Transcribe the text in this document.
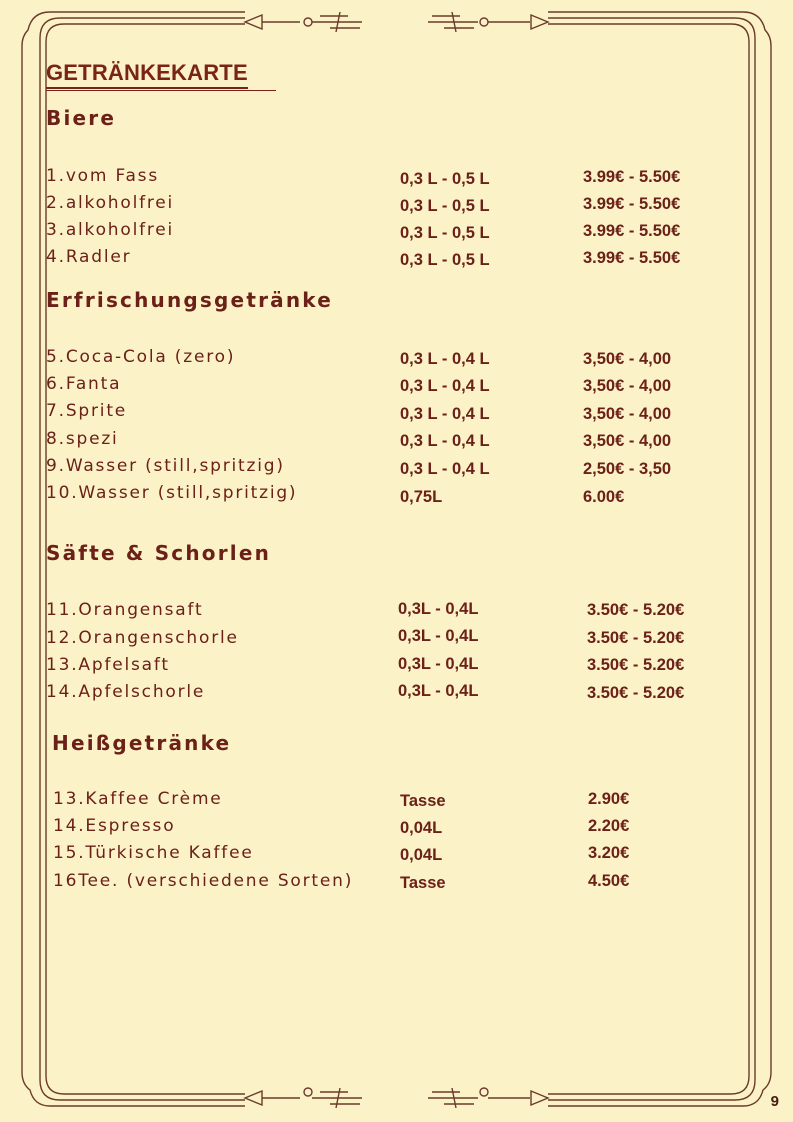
GETRÄNKEKARTE
Biere
1.vom Fass	0,3 L - 0,5 L	3.99€ - 5.50€
2.alkoholfrei	0,3 L - 0,5 L	3.99€ - 5.50€
3.alkoholfrei	0,3 L - 0,5 L	3.99€ - 5.50€
4.Radler	0,3 L - 0,5 L	3.99€ - 5.50€
Erfrischungsgetränke
5.Coca-Cola (zero)	0,3 L - 0,4 L	3,50€ - 4,00
6.Fanta	0,3 L - 0,4 L	3,50€ - 4,00
7.Sprite	0,3 L - 0,4 L	3,50€ - 4,00
8.spezi	0,3 L - 0,4 L	3,50€ - 4,00
9.Wasser (still,spritzig)	0,3 L - 0,4 L	2,50€ - 3,50
10.Wasser (still,spritzig)	0,75L	6.00€
Säfte & Schorlen
11.Orangensaft	0,3L - 0,4L	3.50€ - 5.20€
12.Orangenschorle	0,3L - 0,4L	3.50€ - 5.20€
13.Apfelsaft	0,3L - 0,4L	3.50€ - 5.20€
14.Apfelschorle	0,3L - 0,4L	3.50€ - 5.20€
Heißgetränke
13.Kaffee Crème	Tasse	2.90€
14.Espresso	0,04L	2.20€
15.Türkische Kaffee	0,04L	3.20€
16Tee. (verschiedene Sorten)	Tasse	4.50€
9
